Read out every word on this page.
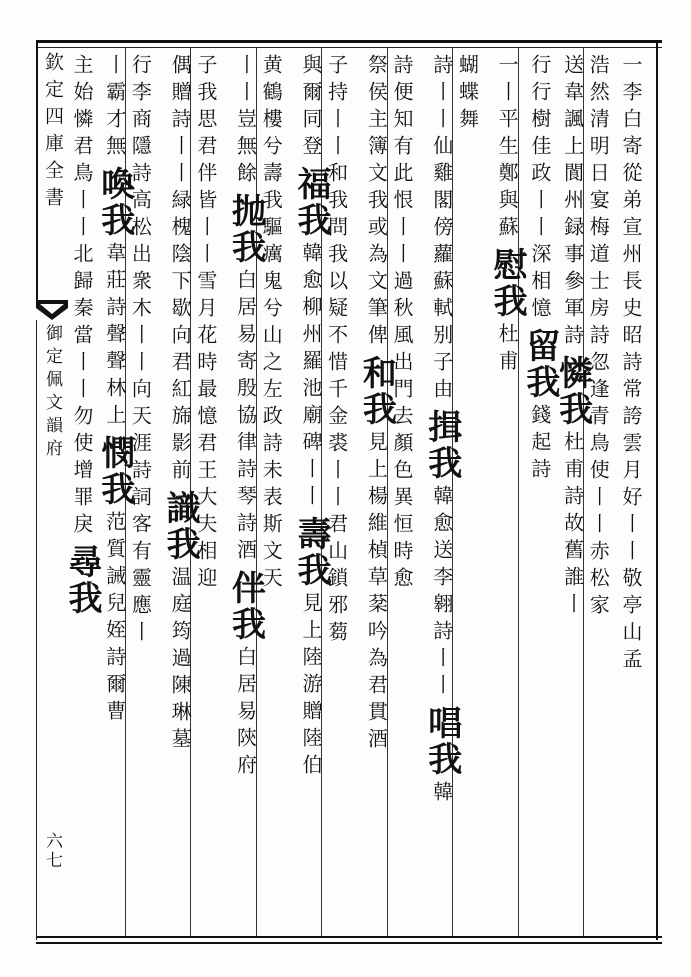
欽定四庫全書
御定佩文韻府
六七
一李白寄從弟宣州長史昭詩常誇雲月好丨丨敬亭山孟
浩然清明日宴梅道士房詩忽逢青鳥使丨丨赤松家
送韋諷上閬州録事參軍詩憐我杜甫詩故舊誰丨
行行樹佳政丨丨深相憶留我錢起詩
一丨平生鄭與蘇慰我杜甫
蝴蝶舞
詩丨丨仙雞閣傍蘿蘇軾别子由揖我韓愈送李翱詩丨丨唱我韓
詩便知有此恨丨丨過秋風出門去顏色異恒時愈
祭侯主簿文我或為文筆俾和我見上楊維楨草棻吟為君貫酒
子持丨丨和我問我以疑不惜千金裘丨丨君山鎖邪蒭
與爾同登福我韓愈柳州羅池廟碑丨丨壽我見上陸游贈陸伯
黄鶴樓兮壽我驅癘鬼兮山之左政詩未表斯文天
丨丨豈無餘抛我白居易寄殷協律詩琴詩酒伴我白居易陝府
子我思君伴皆丨丨雪月花時最憶君王大夫相迎
偶贈詩丨丨緑槐陰下歇向君紅旆影前識我温庭筠過陳琳墓
行李商隱詩高松出衆木丨丨向天涯詩詞客有靈應丨
丨霸才無喚我韋莊詩聲聲林上憫我范質誡兒姪詩爾曹
主始憐君鳥丨丨北歸秦當丨丨勿使增罪戾尋我
